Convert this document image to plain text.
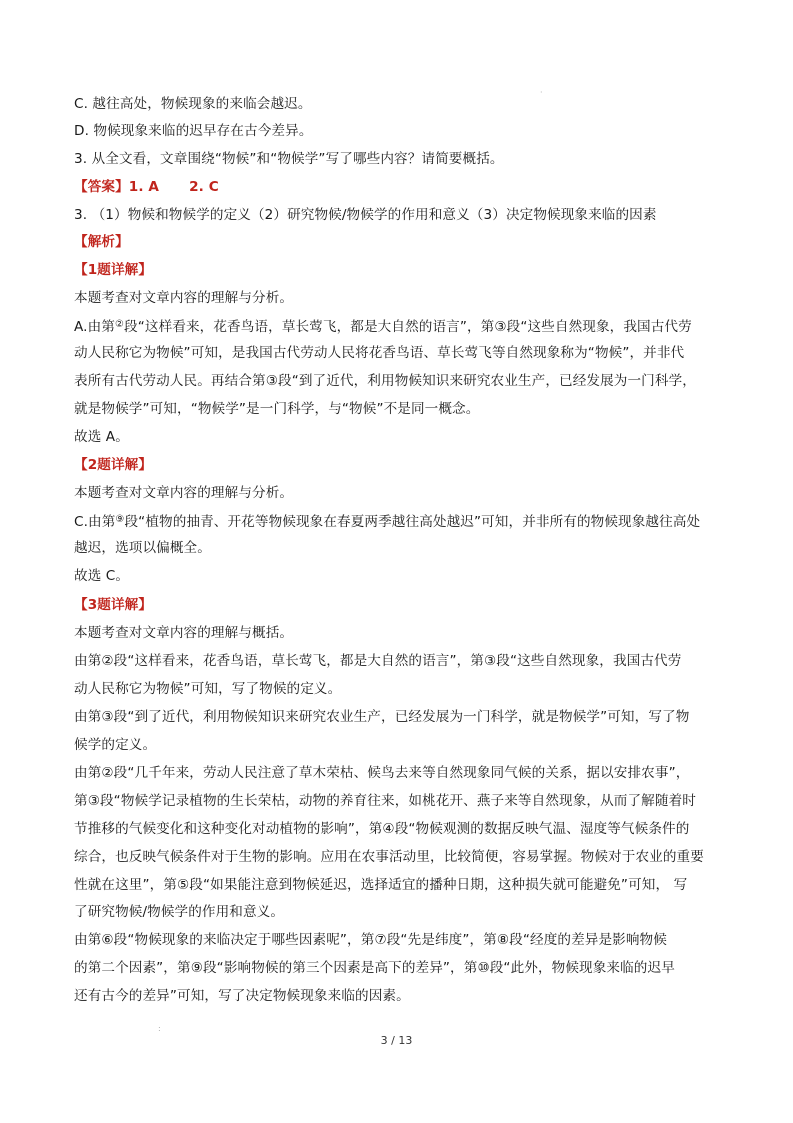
C. 越往高处，物候现象的来临会越迟。
D. 物候现象来临的迟早存在古今差异。
3. 从全文看，文章围绕“物候”和“物候学”写了哪些内容？请简要概括。
【答案】1. A 2. C
3. （1）物候和物候学的定义（2）研究物候/物候学的作用和意义（3）决定物候现象来临的因素
【解析】
【1题详解】
本题考查对文章内容的理解与分析。
A.由第②段“这样看来，花香鸟语，草长莺飞，都是大自然的语言”，第③段“这些自然现象，我国古代劳
动人民称它为物候”可知，是我国古代劳动人民将花香鸟语、草长莺飞等自然现象称为“物候”，并非代
表所有古代劳动人民。再结合第③段“到了近代，利用物候知识来研究农业生产，已经发展为一门科学，
就是物候学”可知，“物候学”是一门科学，与“物候”不是同一概念。
故选 A。
【2题详解】
本题考查对文章内容的理解与分析。
C.由第⑨段“植物的抽青、开花等物候现象在春夏两季越往高处越迟”可知，并非所有的物候现象越往高处
越迟，选项以偏概全。
故选 C。
【3题详解】
本题考查对文章内容的理解与概括。
由第②段“这样看来，花香鸟语，草长莺飞，都是大自然的语言”，第③段“这些自然现象，我国古代劳
动人民称它为物候”可知，写了物候的定义。
由第③段“到了近代，利用物候知识来研究农业生产，已经发展为一门科学，就是物候学”可知，写了物
候学的定义。
由第②段“几千年来，劳动人民注意了草木荣枯、候鸟去来等自然现象同气候的关系，据以安排农事”，
第③段“物候学记录植物的生长荣枯，动物的养育往来，如桃花开、燕子来等自然现象，从而了解随着时
节推移的气候变化和这种变化对动植物的影响”，第④段“物候观测的数据反映气温、湿度等气候条件的
综合，也反映气候条件对于生物的影响。应用在农事活动里，比较简便，容易掌握。物候对于农业的重要
性就在这里”，第⑤段“如果能注意到物候延迟，选择适宜的播种日期，这种损失就可能避免”可知， 写
了研究物候/物候学的作用和意义。
由第⑥段“物候现象的来临决定于哪些因素呢”，第⑦段“先是纬度”，第⑧段“经度的差异是影响物候
的第二个因素”，第⑨段“影响物候的第三个因素是高下的差异”，第⑩段“此外，物候现象来临的迟早
还有古今的差异”可知，写了决定物候现象来临的因素。
·
:
3 / 13
